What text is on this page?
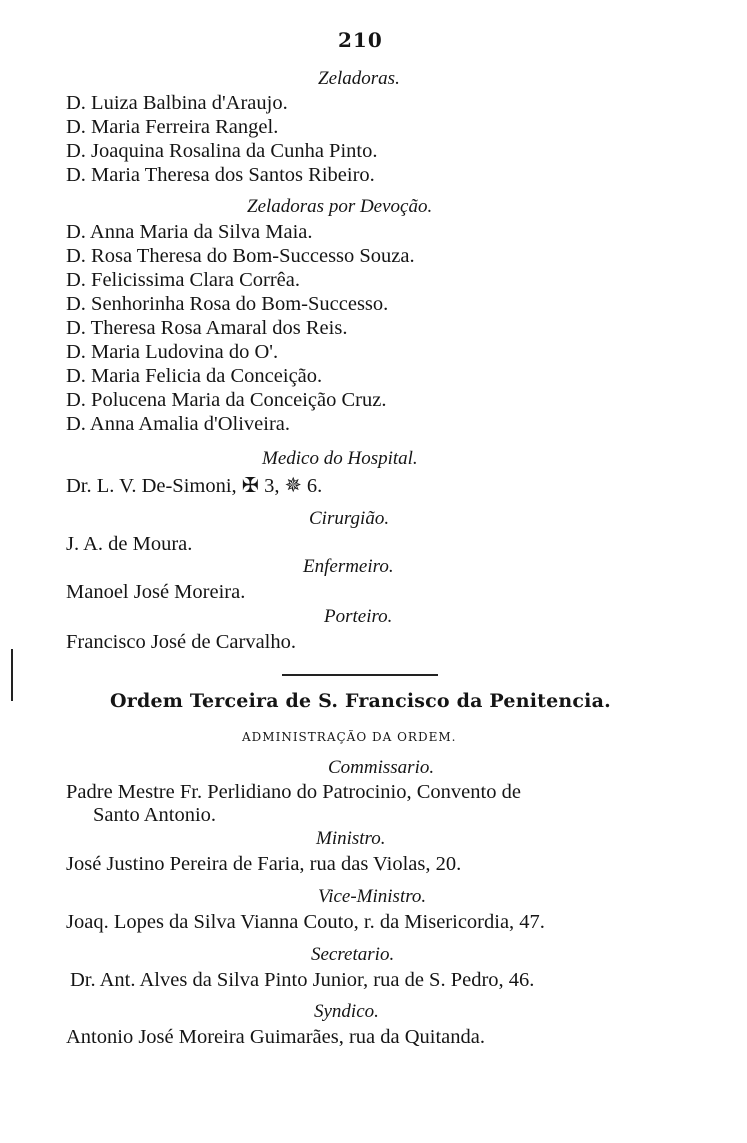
210
Zeladoras.
D. Luiza Balbina d'Araujo.
D. Maria Ferreira Rangel.
D. Joaquina Rosalina da Cunha Pinto.
D. Maria Theresa dos Santos Ribeiro.
Zeladoras por Devoção.
D. Anna Maria da Silva Maia.
D. Rosa Theresa do Bom-Successo Souza.
D. Felicissima Clara Corrêa.
D. Senhorinha Rosa do Bom-Successo.
D. Theresa Rosa Amaral dos Reis.
D. Maria Ludovina do O'.
D. Maria Felicia da Conceição.
D. Polucena Maria da Conceição Cruz.
D. Anna Amalia d'Oliveira.
Medico do Hospital.
Dr. L. V. De-Simoni, ✠ 3, ✵ 6.
Cirurgião.
J. A. de Moura.
Enfermeiro.
Manoel José Moreira.
Porteiro.
Francisco José de Carvalho.
Ordem Terceira de S. Francisco da Penitencia.
ADMINISTRAÇÃO DA ORDEM.
Commissario.
Padre Mestre Fr. Perlidiano do Patrocinio, Convento de
Santo Antonio.
Ministro.
José Justino Pereira de Faria, rua das Violas, 20.
Vice-Ministro.
Joaq. Lopes da Silva Vianna Couto, r. da Misericordia, 47.
Secretario.
Dr. Ant. Alves da Silva Pinto Junior, rua de S. Pedro, 46.
Syndico.
Antonio José Moreira Guimarães, rua da Quitanda.
